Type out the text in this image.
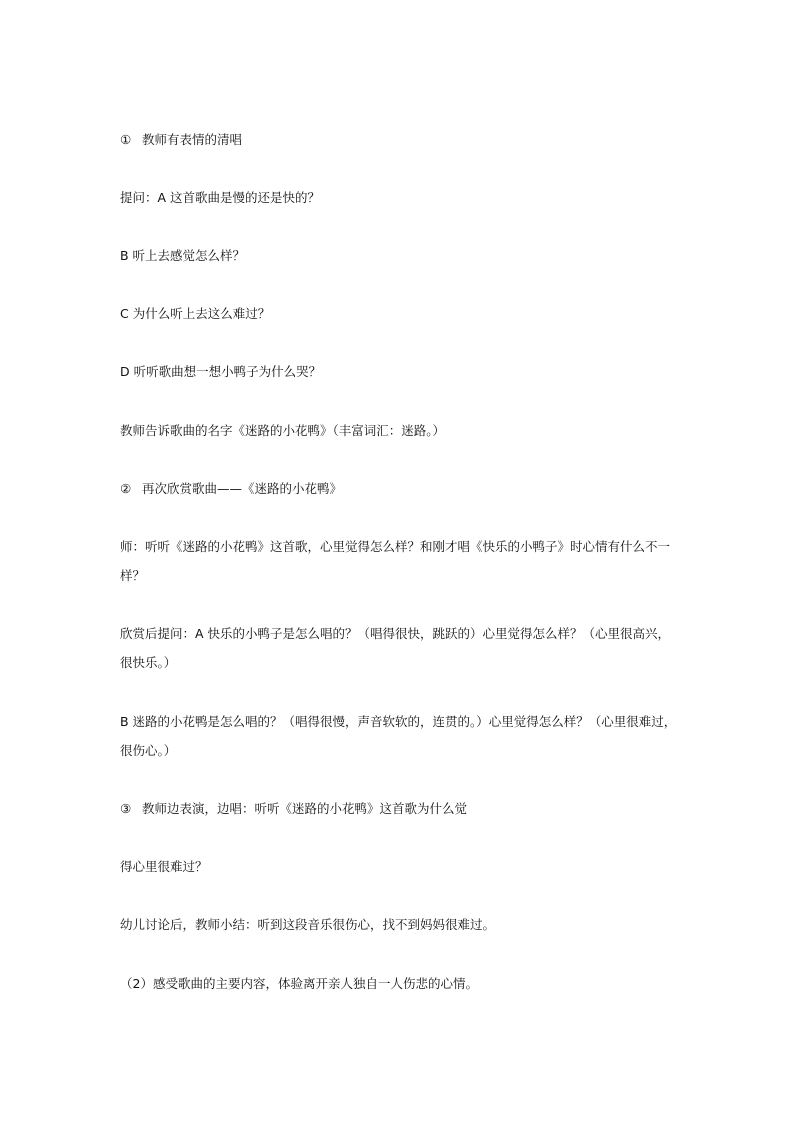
① 教师有表情的清唱
提问：A 这首歌曲是慢的还是快的？
B 听上去感觉怎么样？
C 为什么听上去这么难过？
D 听听歌曲想一想小鸭子为什么哭？
教师告诉歌曲的名字《迷路的小花鸭》（丰富词汇：迷路。）
② 再次欣赏歌曲——《迷路的小花鸭》
师：听听《迷路的小花鸭》这首歌，心里觉得怎么样？和刚才唱《快乐的小鸭子》时心情有什么不一样？
欣赏后提问：A 快乐的小鸭子是怎么唱的？（唱得很快，跳跃的）心里觉得怎么样？（心里很高兴，很快乐。）
B 迷路的小花鸭是怎么唱的？（唱得很慢，声音软软的，连贯的。）心里觉得怎么样？（心里很难过，很伤心。）
③ 教师边表演，边唱：听听《迷路的小花鸭》这首歌为什么觉
得心里很难过？
幼儿讨论后，教师小结：听到这段音乐很伤心，找不到妈妈很难过。
（2）感受歌曲的主要内容，体验离开亲人独自一人伤悲的心情。
